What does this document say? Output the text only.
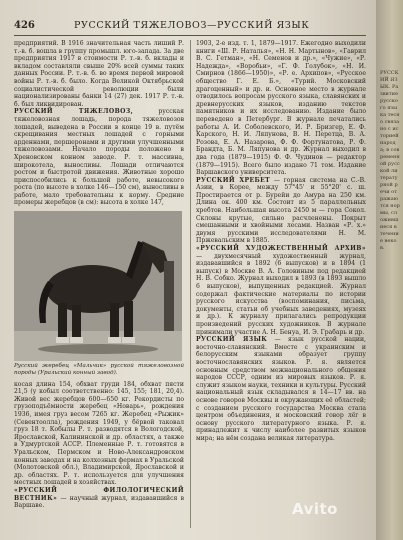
426	РУССКИЙ ТЯЖЕЛОВОЗ—РУССКИЙ ЯЗЫК

предприятий. В 1916 значительная часть лиший Р. т.-в. б. вошла в группу промышл. юго-запада. За две предприятия 1917 в стоимости Р. т.-в. б. вклады и вкладом составляли свыше 20% всей суммы таких данных России. Р. т.-в. б. во время первой мировой войны Р. т.-в. б. было. Когда Великой Октябрьской социалистической революции были национализированы банки 14 (27) дек. 1917 Р. т.-в. б. был ликвидирован.

РУССКИЙ ТЯЖЕЛОВОЗ,	русская тяжеловозная лошадь, порода тяжеловозов лошадей, выведена в России в конце 19 в. путём скрещивания местных лошадей с горными арденнами, першеронами и другими улучшенными тяжеловозами. Начало породы положено в Хреновском конном заводе. Р. т. массивна, широкотела, выносливы. Лошади отличаются ростом и быстротой движения. Животные хорошо приспособились к большой работе, невысокого роста (по высоте в холке 146—150 см), выносливы в работе, мало требовательны к корму. Средние промеры жеребцов (в см): высота в холке 147,

Русский жеребец «Мальчик» русской тяжеловозной породы (Уральский конный завод).

косая длина 154, обхват груди 184, обхват пясти 21,5 (у кобыл соответственно: 145, 155; 181, 20,4). Живой вес жеребцов 600—650 кг. Рекордисты по грузоподъёмности жеребец «Новарь», рождения 1936, имея груз весом 7265 кг. Жеребец «Рыжик» (Севентоолла), рождения 1949, у бёрвой таковал груз 18 т. Кобылы Р. т. разводятся в Вологодской, Ярославской, Калининской и др. областях, а также в Удмуртской АССР. Племенные Р. т. готовятся в Уральском, Пермском и Ново-Александровском конных заводах и на колхозных фермах в Уральской (Молотовской обл.), Владимирской, Ярославской и др. областях. Р. т. используется для улучшения местных лошадей в хозяйствах.

«РУССКИЙ ФИЛОЛОГИЧЕСКИЙ ВЕСТНИК» — научный журнал, издававшийся в Варшаве.

1903, 2-е изд. т. 1, 1879—1917. Ежегодно выходили книги «Ш. Р. Наталья», «Н. Н. Мартынов», «Гаврил В. С. Гетман», «Н. Семенов и др.», «Чужие», «Р. Надежда», «Воробьи», «Г. Ф. Голубок», «Н. И. Смирнов (1866—1950)», «Р. е. Архипов», «Русское общество Г. Е. Б.», «Турий. Московский драгоценный» и др. и. Основное место в журнале отводилось вопросам русского языка, славянских и древнерусских языков, изданию текстов памятников и их исследованию. Издание было переведено в Петербург. В журнале печатались работы А. И. Соболевского, И. Р. Бризгер, Е. Ф. Карского, Н. И. Ляпунова, В. Н. Перетца, В. А. Розова, Е. А. Назарова, Ф. Ф. Фортунатова, Р. Ф. Брандта, Б. М. Ляпунова и др. Журнал выходил в два года (1879—1915) Ф. Ф. Чудинов — редактор (1879—1915). Всего было издано 71 том. Издание Варшавского университета.

РУССКИЙ ХРЕБЕТ — горная система на С.-В. Азии, в Корее, между 57°45' и 55°20' с. ш. Простирается от р. Бурейи до Амура на 250 км. Длина ок. 400 км. Состоит из 5 параллельных хребтов. Наибольшая высота 2450 м — гора Сокол. Склоны крутые, сильно расчленены. Покрыт смешанными и хвойными лесами. Назван «Р. х.» двумя русскими исследователями Н. М. Пржевальским в 1885.

«РУССКИЙ ХУДОЖЕСТВЕННЫЙ АРХИВ» — двухмесячный художественный журнал, издававшийся в 1892 (6 выпусков) и в 1894 (1 выпуск) в Москве В. А. Головиным под редакцией Н. В. Собко. Журнал выходил в 1893 (в 1893 вышло 6 выпусков), выпущенных редакцией. Журнал содержал фактические материалы по истории русского искусства (воспоминания, письма, документы, статьи об учебных заведениях, музеях и др.). К журналу прилагались репродукции произведений русских художников. В журнале принимали участие А. Н. Бенуа, И. Э. Грабарь и др.

РУССКИЙ ЯЗЫК — язык русской нации, восточно-славянский. Вместе с украинским и белорусским языками образует группу восточнославянских языков. Р. я. является основным средством межнационального общения народов СССР, одним из мировых языков. Р. я. служит языком науки, техники и культуры. Русский национальный язык складывался в 14—17 вв. на основе говоров Москвы и окружающих её областей; с созданием русского государства Москва стала центром объединения, и московский говор лёг в основу русского литературного языка. Р. я. принадлежит к числу наиболее развитых языков мира; на нём создана великая литература.

Avito
РУССКИЙ ЯЗЫК. Развитие русского языка тесно связано с историей народа; в современной русской литературной речи отражаются нормы, сложившиеся в течение веков.
